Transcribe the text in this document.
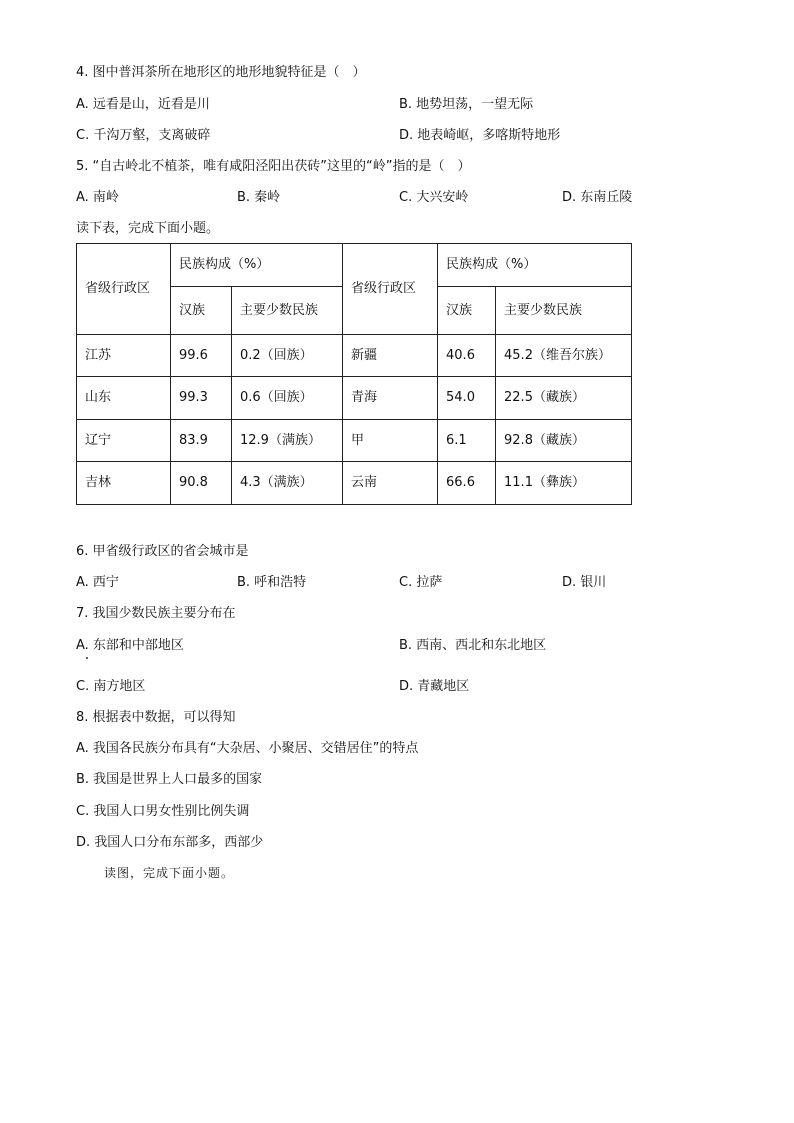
4. 图中普洱茶所在地形区的地形地貌特征是（　）
A. 远看是山，近看是川	B. 地势坦荡，一望无际
C. 千沟万壑，支离破碎	D. 地表崎岖，多喀斯特地形
5. “自古岭北不植茶，唯有咸阳泾阳出茯砖”这里的“岭”指的是（　）
A. 南岭	B. 秦岭	C. 大兴安岭	D. 东南丘陵
读下表，完成下面小题。
省级行政区	民族构成（%）		省级行政区	民族构成（%）	
	汉族	主要少数民族		汉族	主要少数民族
江苏	99.6	0.2（回族）	新疆	40.6	45.2（维吾尔族）
山东	99.3	0.6（回族）	青海	54.0	22.5（藏族）
辽宁	83.9	12.9（满族）	甲	6.1	92.8（藏族）
吉林	90.8	4.3（满族）	云南	66.6	11.1（彝族）
6. 甲省级行政区的省会城市是
A. 西宁	B. 呼和浩特	C. 拉萨	D. 银川
7. 我国少数民族主要分布在
A. 东部和中部地区	B. 西南、西北和东北地区
C. 南方地区	D. 青藏地区
8. 根据表中数据，可以得知
A. 我国各民族分布具有“大杂居、小聚居、交错居住”的特点
B. 我国是世界上人口最多的国家
C. 我国人口男女性别比例失调
D. 我国人口分布东部多，西部少
读图，完成下面小题。
